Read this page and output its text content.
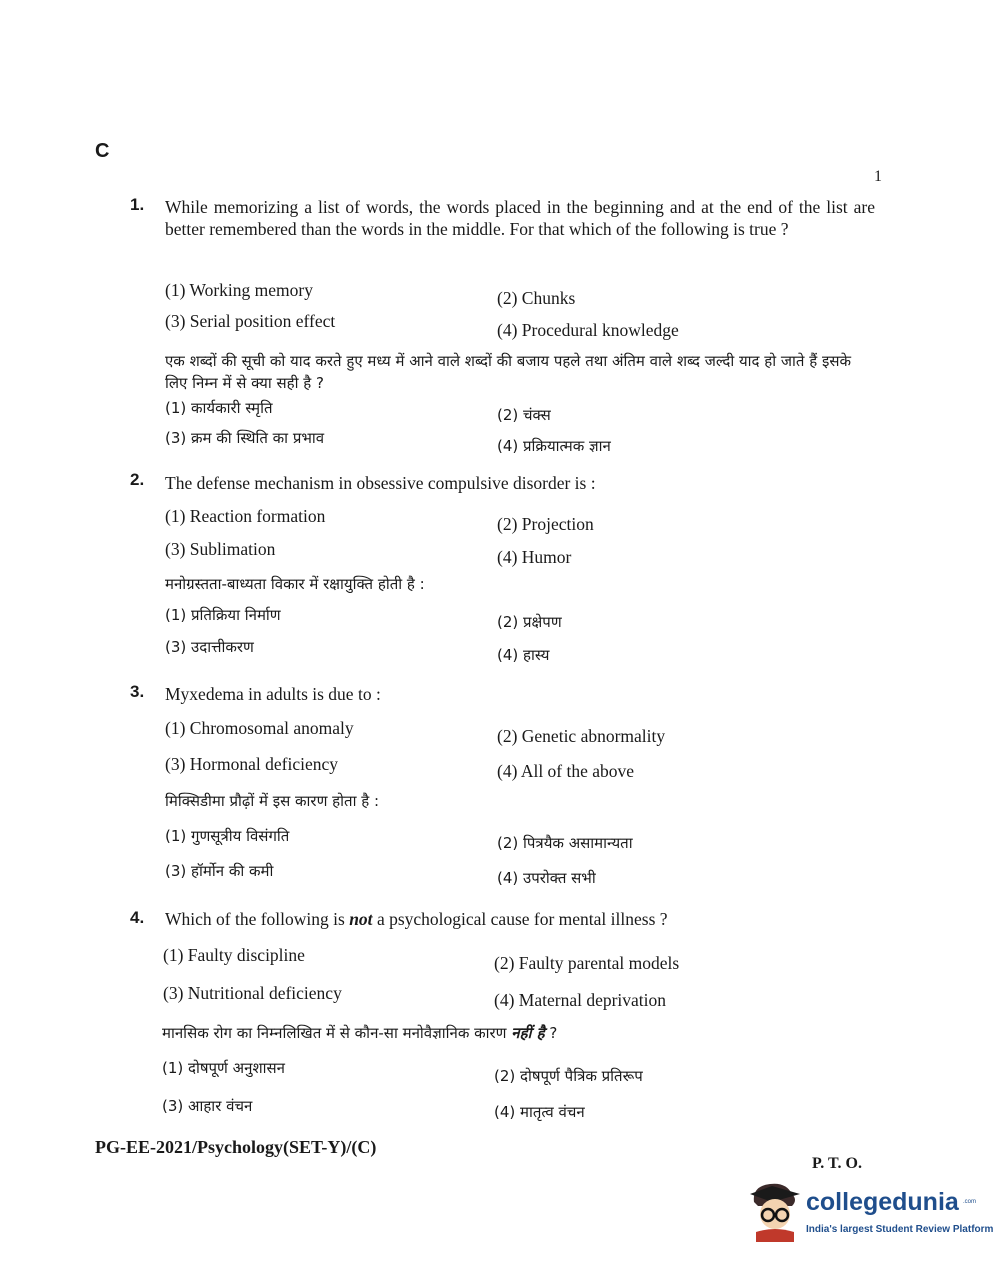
C
1
1. While memorizing a list of words, the words placed in the beginning and at the end of the list are better remembered than the words in the middle. For that which of the following is true ?
(1) Working memory	(2) Chunks
(3) Serial position effect	(4) Procedural knowledge
एक शब्दों की सूची को याद करते हुए मध्य में आने वाले शब्दों की बजाय पहले तथा अंतिम वाले शब्द जल्दी याद हो जाते हैं इसके लिए निम्न में से क्या सही है ?
(1) कार्यकारी स्मृति	(2) चंक्स
(3) क्रम की स्थिति का प्रभाव	(4) प्रक्रियात्मक ज्ञान
2. The defense mechanism in obsessive compulsive disorder is :
(1) Reaction formation	(2) Projection
(3) Sublimation	(4) Humor
मनोग्रस्तता-बाध्यता विकार में रक्षायुक्ति होती है :
(1) प्रतिक्रिया निर्माण	(2) प्रक्षेपण
(3) उदात्तीकरण	(4) हास्य
3. Myxedema in adults is due to :
(1) Chromosomal anomaly	(2) Genetic abnormality
(3) Hormonal deficiency	(4) All of the above
मिक्सिडीमा प्रौढ़ों में इस कारण होता है :
(1) गुणसूत्रीय विसंगति	(2) पित्रयैक असामान्यता
(3) हॉर्मोन की कमी	(4) उपरोक्त सभी
4. Which of the following is not a psychological cause for mental illness ?
(1) Faulty discipline	(2) Faulty parental models
(3) Nutritional deficiency	(4) Maternal deprivation
मानसिक रोग का निम्नलिखित में से कौन-सा मनोवैज्ञानिक कारण नहीं है ?
(1) दोषपूर्ण अनुशासन	(2) दोषपूर्ण पैत्रिक प्रतिरूप
(3) आहार वंचन	(4) मातृत्व वंचन
PG-EE-2021/Psychology(SET-Y)/(C)
P. T. O.
collegedunia .com
India's largest Student Review Platform
